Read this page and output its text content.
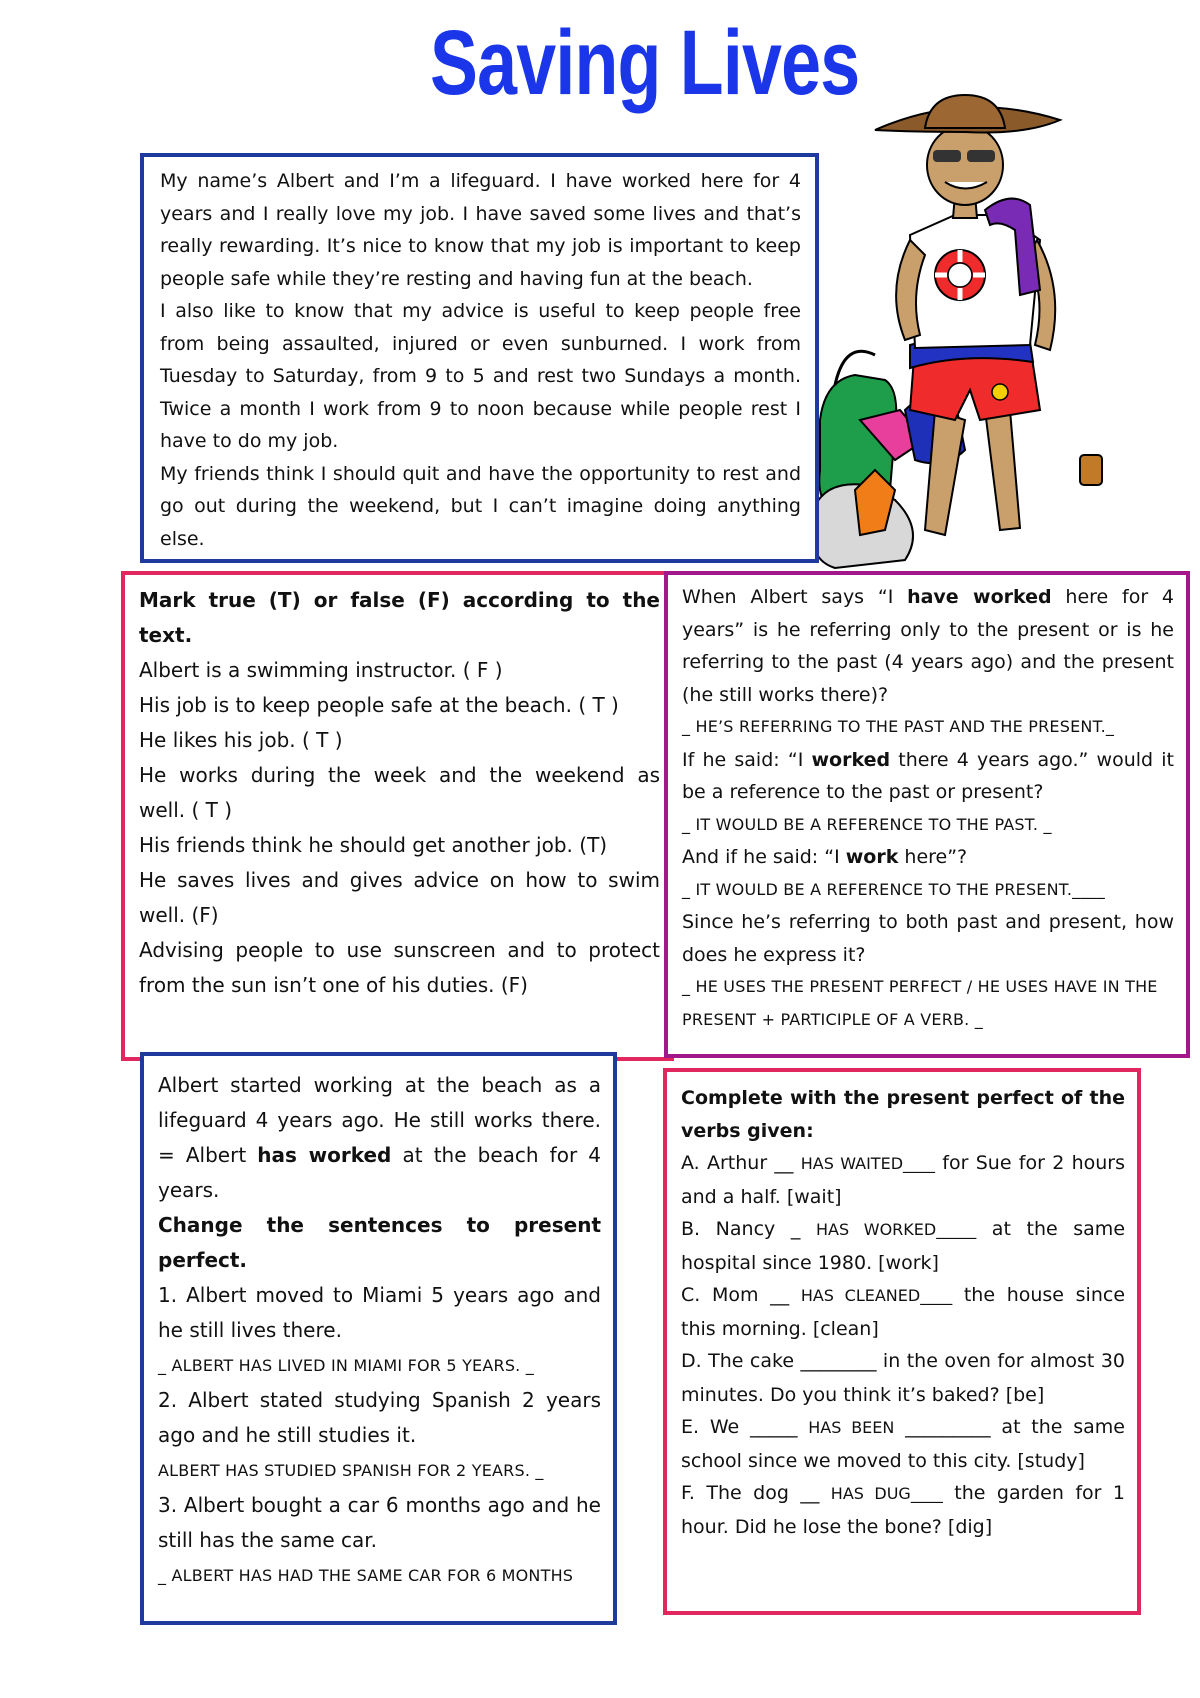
Saving Lives

My name’s Albert and I’m a lifeguard. I have worked here for 4 years and I really love my job. I have saved some lives and that’s really rewarding. It’s nice to know that my job is important to keep people safe while they’re resting and having fun at the beach.

I also like to know that my advice is useful to keep people free from being assaulted, injured or even sunburned. I work from Tuesday to Saturday, from 9 to 5 and rest two Sundays a month. Twice a month I work from 9 to noon because while people rest I have to do my job.

My friends think I should quit and have the opportunity to rest and go out during the weekend, but I can’t imagine doing anything else.

Mark true (T) or false (F) according to the text.

Albert is a swimming instructor. ( F )

His job is to keep people safe at the beach. ( T )

He likes his job. ( T )

He works during the week and the weekend as well. ( T )

His friends think he should get another job. (T)

He saves lives and gives advice on how to swim well. (F)

Advising people to use sunscreen and to protect from the sun isn’t one of his duties. (F)

When Albert says “I have worked here for 4 years” is he referring only to the present or is he referring to the past (4 years ago) and the present (he still works there)?

_ HE’S REFERRING TO THE PAST AND THE PRESENT._

If he said: “I worked there 4 years ago.” would it be a reference to the past or present?

_ IT WOULD BE A REFERENCE TO THE PAST. _

And if he said: “I work here”?

_ IT WOULD BE A REFERENCE TO THE PRESENT.____

Since he’s referring to both past and present, how does he express it?

_ HE USES THE PRESENT PERFECT / HE USES HAVE IN THE PRESENT + PARTICIPLE OF A VERB. _

Albert started working at the beach as a lifeguard 4 years ago. He still works there. = Albert has worked at the beach for 4 years.

Change the sentences to present perfect.

1. Albert moved to Miami 5 years ago and he still lives there.

_ ALBERT HAS LIVED IN MIAMI FOR 5 YEARS. _

2. Albert stated studying Spanish 2 years ago and he still studies it.

ALBERT HAS STUDIED SPANISH FOR 2 YEARS. _

3. Albert bought a car 6 months ago and he still has the same car.

_ ALBERT HAS HAD THE SAME CAR FOR 6 MONTHS

Complete with the present perfect of the verbs given:

A. Arthur __ HAS WAITED____ for Sue for 2 hours and a half. [wait]

B. Nancy _ HAS WORKED_____ at the same hospital since 1980. [work]

C. Mom __ HAS CLEANED____ the house since this morning. [clean]

D. The cake ________ in the oven for almost 30 minutes. Do you think it’s baked? [be]

E. We _____ HAS BEEN _________ at the same school since we moved to this city. [study]

F. The dog __ HAS DUG____ the garden for 1 hour. Did he lose the bone? [dig]
